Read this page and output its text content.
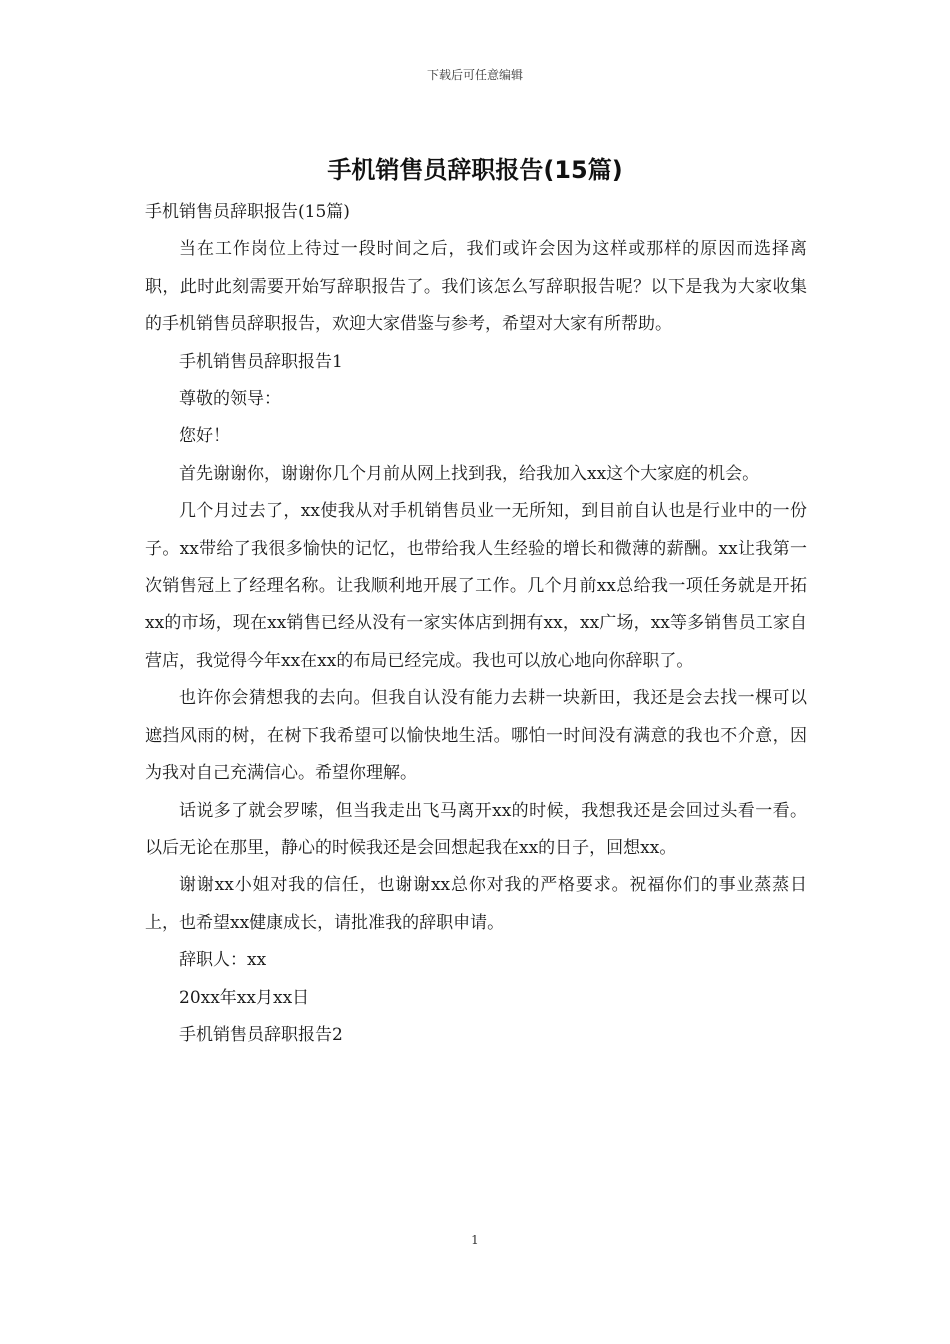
下载后可任意编辑
手机销售员辞职报告(15篇)

手机销售员辞职报告(15篇)

当在工作岗位上待过一段时间之后，我们或许会因为这样或那样的原因而选择离职，此时此刻需要开始写辞职报告了。我们该怎么写辞职报告呢？以下是我为大家收集的手机销售员辞职报告，欢迎大家借鉴与参考，希望对大家有所帮助。

手机销售员辞职报告1

尊敬的领导：

您好！

首先谢谢你，谢谢你几个月前从网上找到我，给我加入xx这个大家庭的机会。

几个月过去了，xx使我从对手机销售员业一无所知，到目前自认也是行业中的一份子。xx带给了我很多愉快的记忆，也带给我人生经验的增长和微薄的薪酬。xx让我第一次销售冠上了经理名称。让我顺利地开展了工作。几个月前xx总给我一项任务就是开拓xx的市场，现在xx销售已经从没有一家实体店到拥有xx，xx广场，xx等多销售员工家自营店，我觉得今年xx在xx的布局已经完成。我也可以放心地向你辞职了。

也许你会猜想我的去向。但我自认没有能力去耕一块新田，我还是会去找一棵可以遮挡风雨的树，在树下我希望可以愉快地生活。哪怕一时间没有满意的我也不介意，因为我对自己充满信心。希望你理解。

话说多了就会罗嗦，但当我走出飞马离开xx的时候，我想我还是会回过头看一看。以后无论在那里，静心的时候我还是会回想起我在xx的日子，回想xx。

谢谢xx小姐对我的信任，也谢谢xx总你对我的严格要求。祝福你们的事业蒸蒸日上，也希望xx健康成长，请批准我的辞职申请。

辞职人：xx

20xx年xx月xx日

手机销售员辞职报告2

1
